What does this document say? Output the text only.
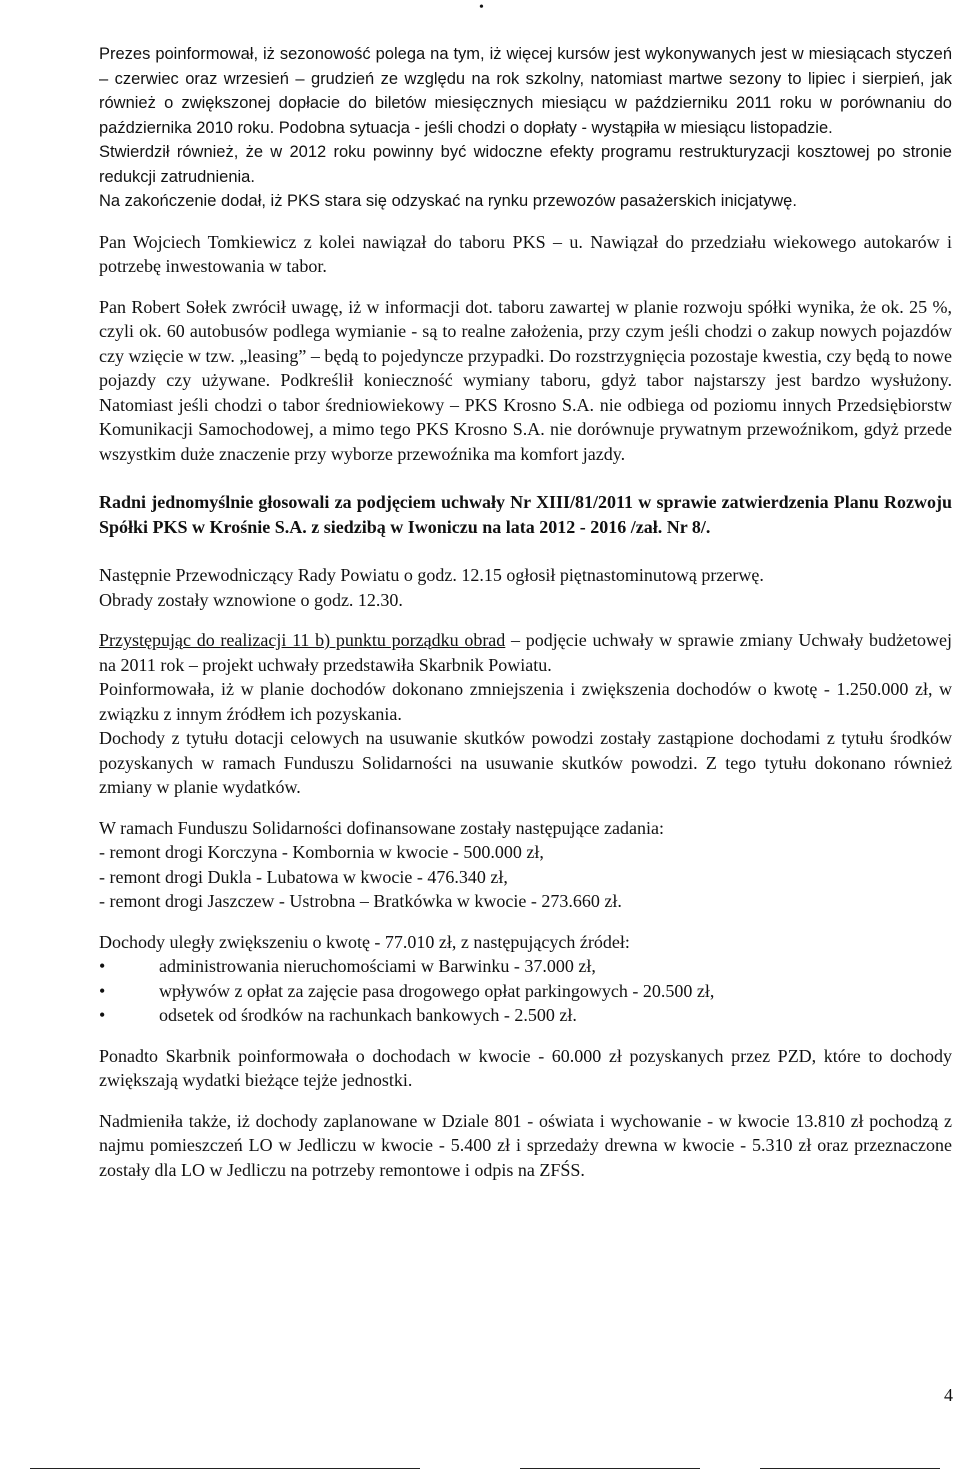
•

Prezes poinformował, iż sezonowość polega na tym, iż więcej kursów jest wykonywanych jest w miesiącach styczeń – czerwiec oraz wrzesień – grudzień ze względu na rok szkolny, natomiast martwe sezony to lipiec i sierpień, jak również o zwiększonej dopłacie do biletów miesięcznych miesiącu w październiku 2011 roku w porównaniu do października 2010 roku. Podobna sytuacja - jeśli chodzi o dopłaty - wystąpiła w miesiącu listopadzie.

Stwierdził również, że w 2012 roku powinny być widoczne efekty programu restrukturyzacji kosztowej po stronie redukcji zatrudnienia.

Na zakończenie dodał, iż PKS stara się odzyskać na rynku przewozów pasażerskich inicjatywę.

Pan Wojciech Tomkiewicz z kolei nawiązał do taboru PKS – u. Nawiązał do przedziału wiekowego autokarów i potrzebę inwestowania w tabor.

Pan Robert Sołek zwrócił uwagę, iż w informacji dot. taboru zawartej w planie rozwoju spółki wynika, że ok. 25 %, czyli ok. 60 autobusów podlega wymianie - są to realne założenia, przy czym jeśli chodzi o zakup nowych pojazdów czy wzięcie w tzw. „leasing” – będą to pojedyncze przypadki. Do rozstrzygnięcia pozostaje kwestia, czy będą to nowe pojazdy czy używane. Podkreślił konieczność wymiany taboru, gdyż tabor najstarszy jest bardzo wysłużony. Natomiast jeśli chodzi o tabor średniowiekowy – PKS Krosno S.A. nie odbiega od poziomu innych Przedsiębiorstw Komunikacji Samochodowej, a mimo tego PKS Krosno S.A. nie dorównuje prywatnym przewoźnikom, gdyż przede wszystkim duże znaczenie przy wyborze przewoźnika ma komfort jazdy.

Radni jednomyślnie głosowali za podjęciem uchwały Nr XIII/81/2011 w sprawie zatwierdzenia Planu Rozwoju Spółki PKS w Krośnie S.A. z siedzibą w Iwoniczu na lata 2012 - 2016 /zał. Nr 8/.

Następnie Przewodniczący Rady Powiatu o godz. 12.15 ogłosił piętnastominutową przerwę.

Obrady zostały wznowione o godz. 12.30.

Przystępując do realizacji 11 b) punktu porządku obrad – podjęcie uchwały w sprawie zmiany Uchwały budżetowej na 2011 rok – projekt uchwały przedstawiła Skarbnik Powiatu.

Poinformowała, iż w planie dochodów dokonano zmniejszenia i zwiększenia dochodów o kwotę - 1.250.000 zł, w związku z innym źródłem ich pozyskania.

Dochody z tytułu dotacji celowych na usuwanie skutków powodzi zostały zastąpione dochodami z tytułu środków pozyskanych w ramach Funduszu Solidarności na usuwanie skutków powodzi. Z tego tytułu dokonano również zmiany w planie wydatków.

W ramach Funduszu Solidarności dofinansowane zostały następujące zadania:

- remont drogi Korczyna - Kombornia w kwocie - 500.000 zł,

- remont drogi Dukla - Lubatowa w kwocie - 476.340 zł,

- remont drogi Jaszczew - Ustrobna – Bratkówka w kwocie - 273.660 zł.

Dochody uległy zwiększeniu o kwotę - 77.010 zł, z następujących źródeł:

• administrowania nieruchomościami w Barwinku - 37.000 zł,
• wpływów z opłat za zajęcie pasa drogowego opłat parkingowych - 20.500 zł,
• odsetek od środków na rachunkach bankowych - 2.500 zł.

Ponadto Skarbnik poinformowała o dochodach w kwocie - 60.000 zł pozyskanych przez PZD, które to dochody zwiększają wydatki bieżące tejże jednostki.

Nadmieniła także, iż dochody zaplanowane w Dziale 801 - oświata i wychowanie - w kwocie 13.810 zł pochodzą z najmu pomieszczeń LO w Jedliczu w kwocie - 5.400 zł i sprzedaży drewna w kwocie - 5.310 zł oraz przeznaczone zostały dla LO w Jedliczu na potrzeby remontowe i odpis na ZFŚS.

4
